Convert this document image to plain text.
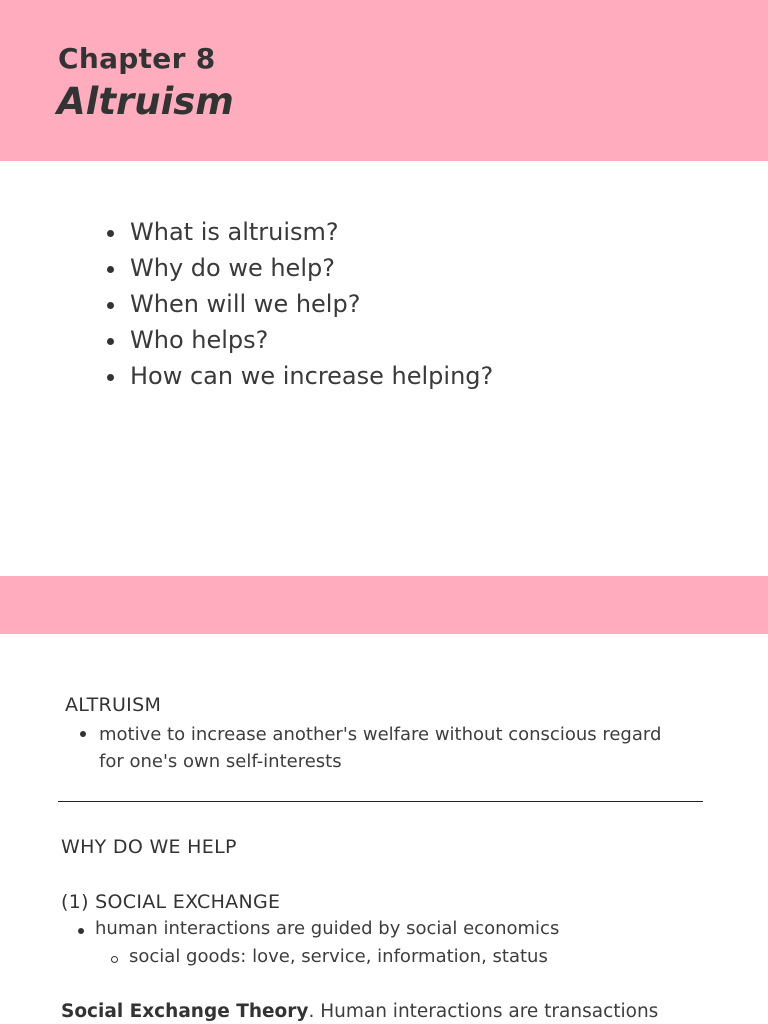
Chapter 8
Altruism
What is altruism?
Why do we help?
When will we help?
Who helps?
How can we increase helping?
ALTRUISM
motive to increase another's welfare without conscious regard for one's own self-interests
WHY DO WE HELP
(1) SOCIAL EXCHANGE
human interactions are guided by social economics
social goods: love, service, information, status
Social Exchange Theory. Human interactions are transactions
